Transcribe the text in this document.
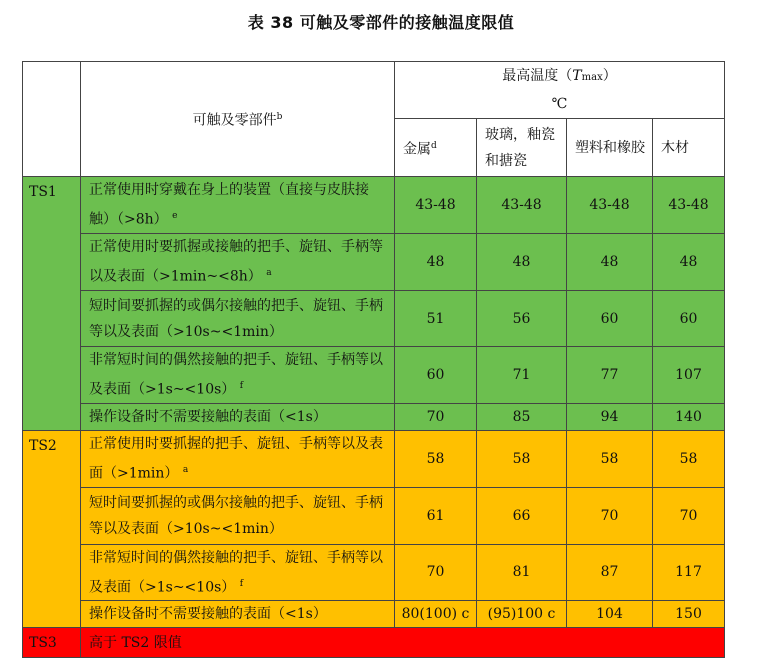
表 38 可触及零部件的接触温度限值
	可触及零部件$^b$	最高温度（Tmax）
℃			

		金属$^d$	玻璃，釉瓷和搪瓷	塑料和橡胶	木材
TS1	正常使用时穿戴在身上的装置（直接与皮肤接触）（>8h） $^e$	43-48	43-48	43-48	43-48
	正常使用时要抓握或接触的把手、旋钮、手柄等以及表面（>1min~<8h） $^a$	48	48	48	48
	短时间要抓握的或偶尔接触的把手、旋钮、手柄等以及表面（>10s~<1min）	51	56	60	60
	非常短时间的偶然接触的把手、旋钮、手柄等以及表面（>1s~<10s） $^f$	60	71	77	107
	操作设备时不需要接触的表面（<1s）	70	85	94	140
TS2	正常使用时要抓握的把手、旋钮、手柄等以及表面（>1min） $^a$	58	58	58	58
	短时间要抓握的或偶尔接触的把手、旋钮、手柄等以及表面（>10s~<1min）	61	66	70	70
	非常短时间的偶然接触的把手、旋钮、手柄等以及表面（>1s~<10s） $^f$	70	81	87	117
	操作设备时不需要接触的表面（<1s）	80(100) c	(95)100 c	104	150
TS3	高于 TS2 限值				
